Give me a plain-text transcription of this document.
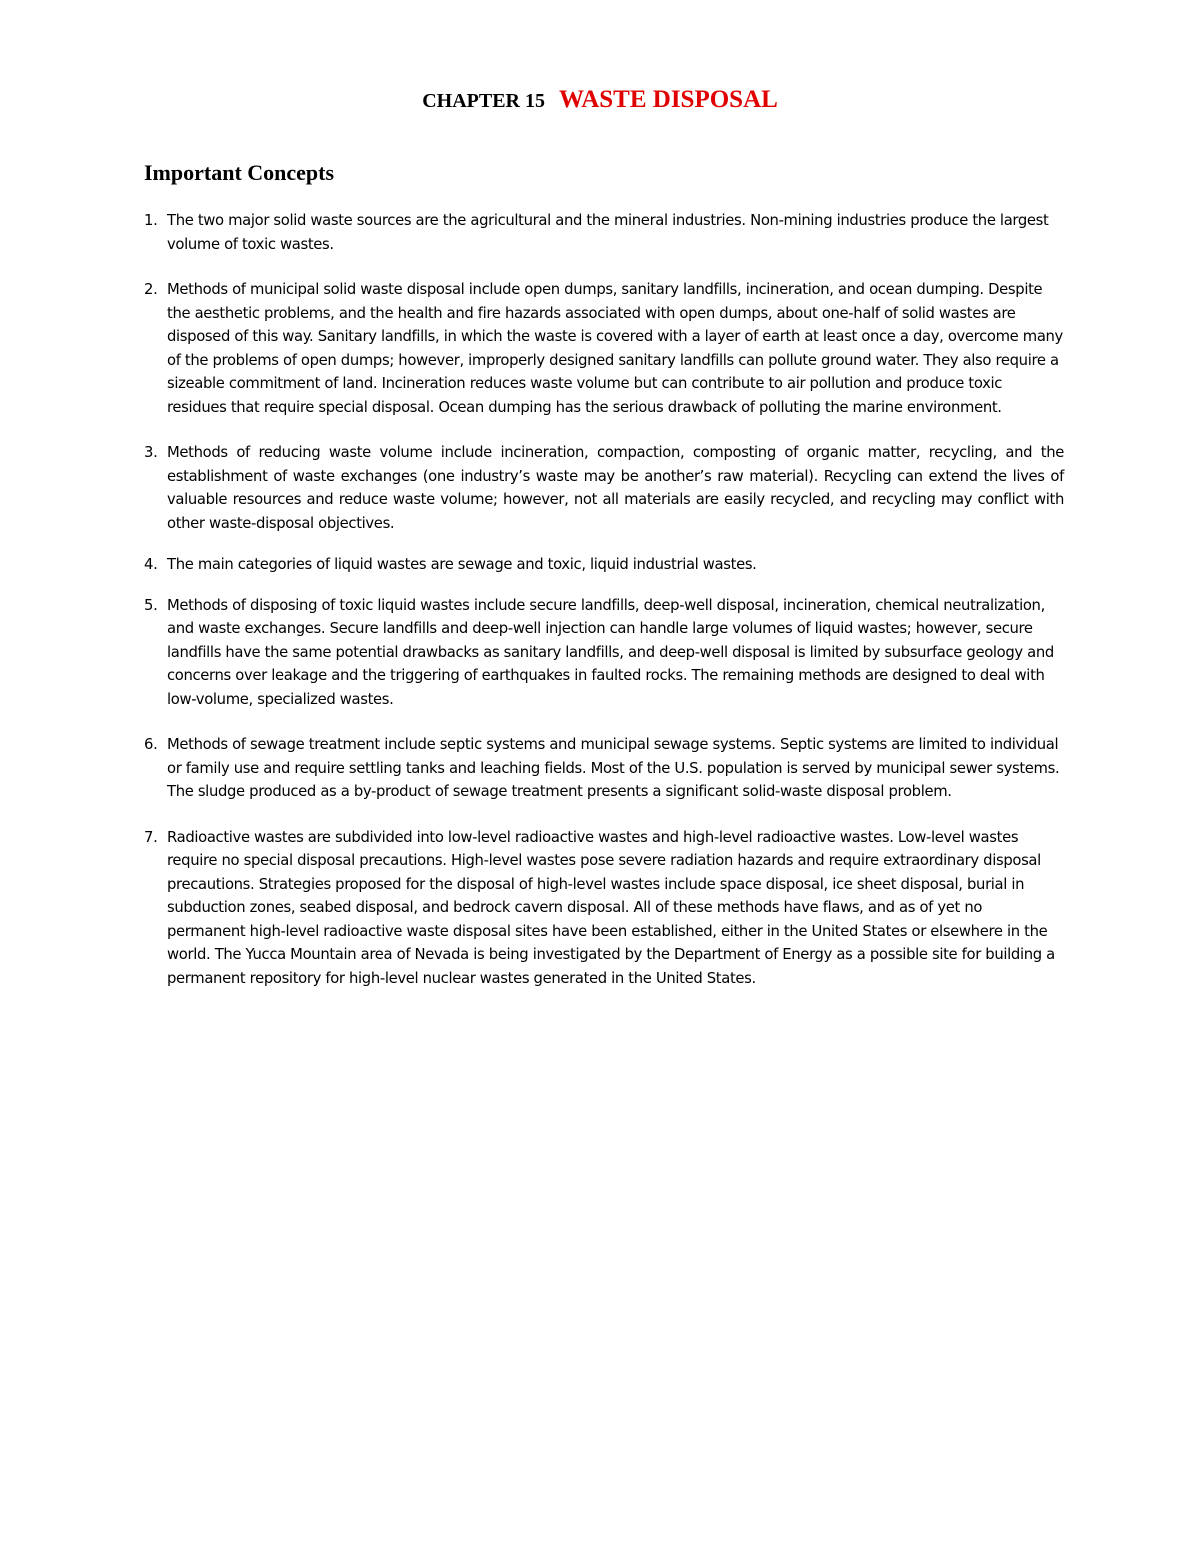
CHAPTER 15 WASTE DISPOSAL
Important Concepts
1. The two major solid waste sources are the agricultural and the mineral industries. Non-mining industries produce the largest volume of toxic wastes.
2. Methods of municipal solid waste disposal include open dumps, sanitary landfills, incineration, and ocean dumping. Despite the aesthetic problems, and the health and fire hazards associated with open dumps, about one-half of solid wastes are disposed of this way. Sanitary landfills, in which the waste is covered with a layer of earth at least once a day, overcome many of the problems of open dumps; however, improperly designed sanitary landfills can pollute ground water. They also require a sizeable commitment of land. Incineration reduces waste volume but can contribute to air pollution and produce toxic residues that require special disposal. Ocean dumping has the serious drawback of polluting the marine environment.
3. Methods of reducing waste volume include incineration, compaction, composting of organic matter, recycling, and the establishment of waste exchanges (one industry’s waste may be another’s raw material). Recycling can extend the lives of valuable resources and reduce waste volume; however, not all materials are easily recycled, and recycling may conflict with other waste-disposal objectives.
4. The main categories of liquid wastes are sewage and toxic, liquid industrial wastes.
5. Methods of disposing of toxic liquid wastes include secure landfills, deep-well disposal, incineration, chemical neutralization, and waste exchanges. Secure landfills and deep-well injection can handle large volumes of liquid wastes; however, secure landfills have the same potential drawbacks as sanitary landfills, and deep-well disposal is limited by subsurface geology and concerns over leakage and the triggering of earthquakes in faulted rocks. The remaining methods are designed to deal with low-volume, specialized wastes.
6. Methods of sewage treatment include septic systems and municipal sewage systems. Septic systems are limited to individual or family use and require settling tanks and leaching fields. Most of the U.S. population is served by municipal sewer systems. The sludge produced as a by-product of sewage treatment presents a significant solid-waste disposal problem.
7. Radioactive wastes are subdivided into low-level radioactive wastes and high-level radioactive wastes. Low-level wastes require no special disposal precautions. High-level wastes pose severe radiation hazards and require extraordinary disposal precautions. Strategies proposed for the disposal of high-level wastes include space disposal, ice sheet disposal, burial in subduction zones, seabed disposal, and bedrock cavern disposal. All of these methods have flaws, and as of yet no permanent high-level radioactive waste disposal sites have been established, either in the United States or elsewhere in the world. The Yucca Mountain area of Nevada is being investigated by the Department of Energy as a possible site for building a permanent repository for high-level nuclear wastes generated in the United States.
